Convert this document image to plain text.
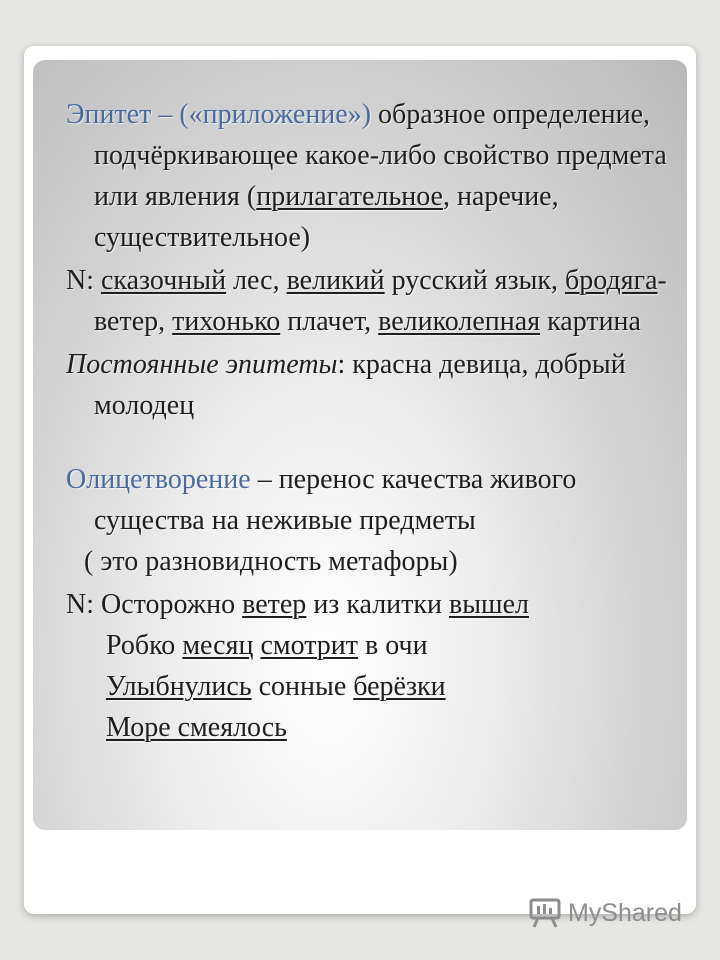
Эпитет – («приложение») образное определение, подчёркивающее какое-либо свойство предмета или явления (прилагательное, наречие, существительное)

N: сказочный лес, великий русский язык, бродяга-ветер, тихонько плачет, великолепная картина

Постоянные эпитеты: красна девица, добрый молодец

Олицетворение – перенос качества живого существа на неживые предметы

( это разновидность метафоры)

N: Осторожно ветер из калитки вышел

Робко месяц смотрит в очи

Улыбнулись сонные берёзки

Море смеялось

MyShared
